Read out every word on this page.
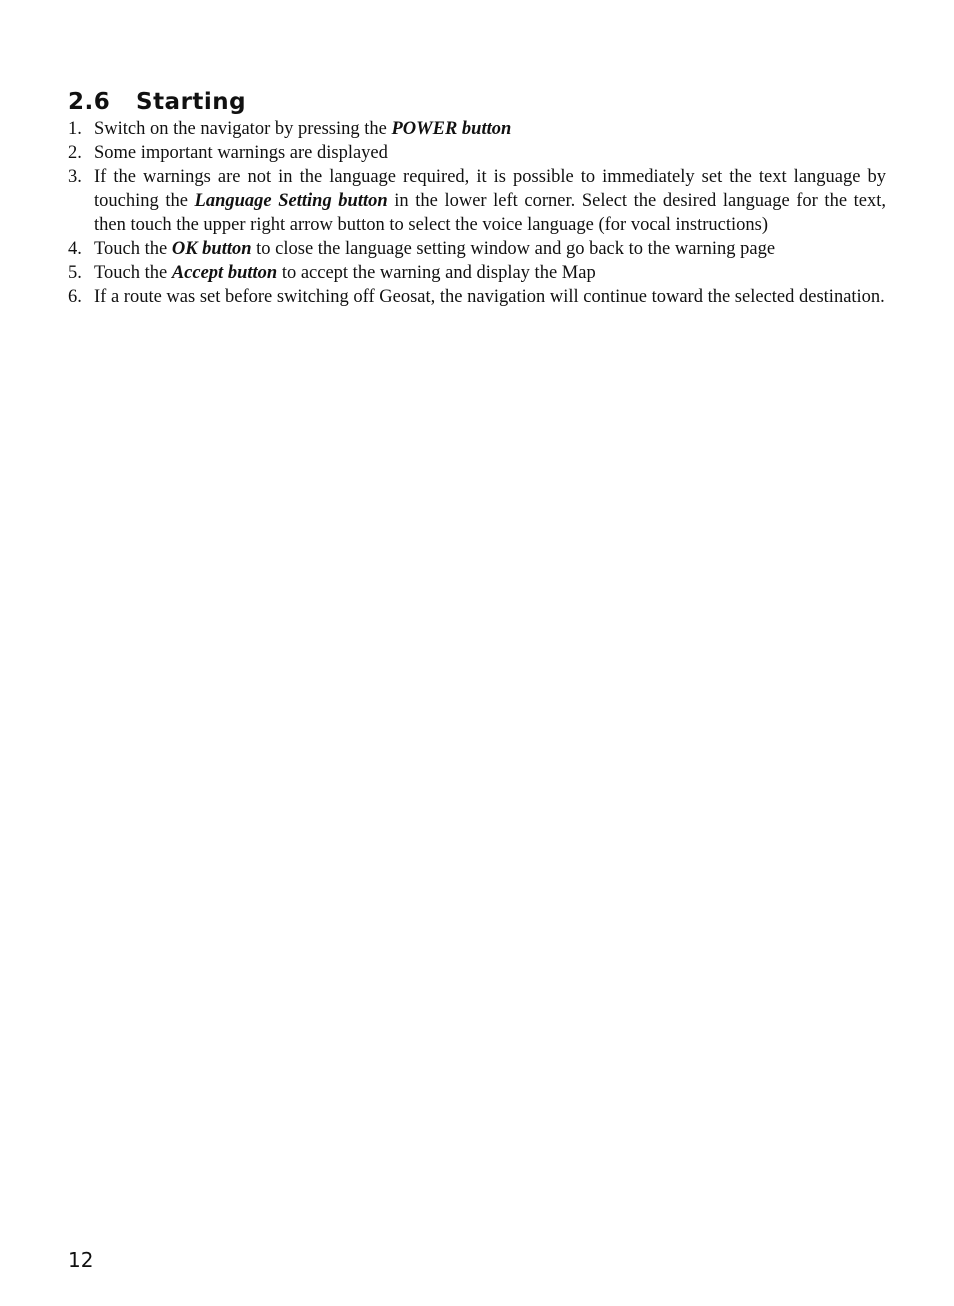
2.6 Starting
1. Switch on the navigator by pressing the POWER button
2. Some important warnings are displayed
3. If the warnings are not in the language required, it is possible to immediately set the text language by touching the Language Setting button in the lower left corner. Select the desired language for the text, then touch the upper right arrow button to select the voice language (for vocal instructions)
4. Touch the OK button to close the language setting window and go back to the warning page
5. Touch the Accept button to accept the warning and display the Map
6. If a route was set before switching off Geosat, the navigation will continue toward the selected destination.
12
